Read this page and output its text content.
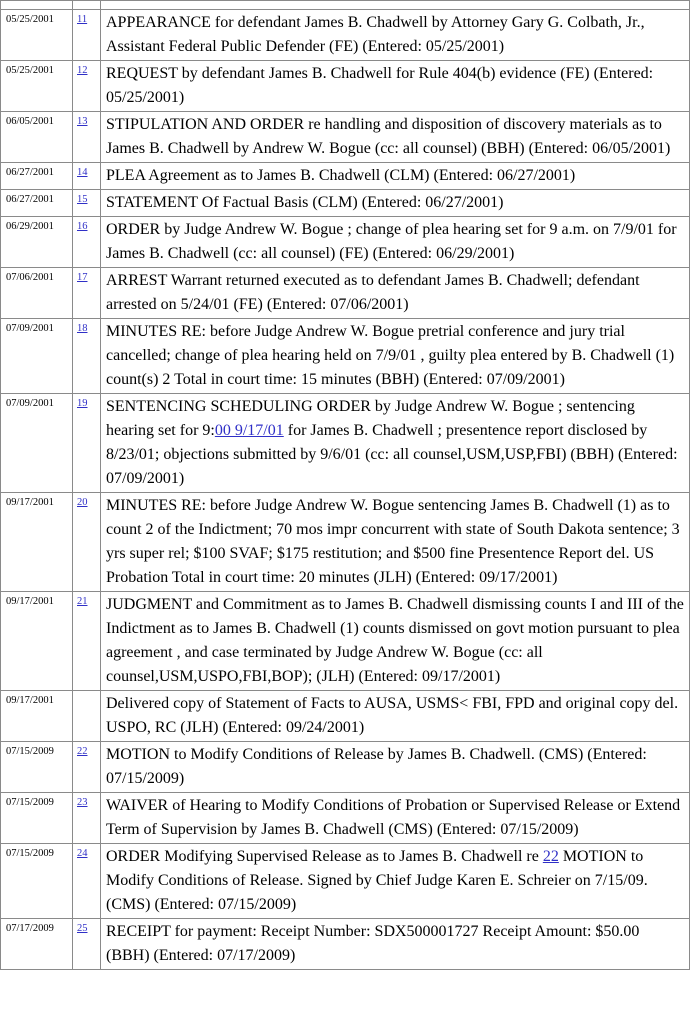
05/25/2001	11	APPEARANCE for defendant James B. Chadwell by Attorney Gary G. Colbath, Jr., Assistant Federal Public Defender (FE) (Entered: 05/25/2001)
05/25/2001	12	REQUEST by defendant James B. Chadwell for Rule 404(b) evidence (FE) (Entered: 05/25/2001)
06/05/2001	13	STIPULATION AND ORDER re handling and disposition of discovery materials as to James B. Chadwell by Andrew W. Bogue (cc: all counsel) (BBH) (Entered: 06/05/2001)
06/27/2001	14	PLEA Agreement as to James B. Chadwell (CLM) (Entered: 06/27/2001)
06/27/2001	15	STATEMENT Of Factual Basis (CLM) (Entered: 06/27/2001)
06/29/2001	16	ORDER by Judge Andrew W. Bogue ; change of plea hearing set for 9 a.m. on 7/9/01 for James B. Chadwell (cc: all counsel) (FE) (Entered: 06/29/2001)
07/06/2001	17	ARREST Warrant returned executed as to defendant James B. Chadwell; defendant arrested on 5/24/01 (FE) (Entered: 07/06/2001)
07/09/2001	18	MINUTES RE: before Judge Andrew W. Bogue pretrial conference and jury trial cancelled; change of plea hearing held on 7/9/01 , guilty plea entered by B. Chadwell (1) count(s) 2 Total in court time: 15 minutes (BBH) (Entered: 07/09/2001)
07/09/2001	19	SENTENCING SCHEDULING ORDER by Judge Andrew W. Bogue ; sentencing hearing set for 9:00 9/17/01 for James B. Chadwell ; presentence report disclosed by 8/23/01; objections submitted by 9/6/01 (cc: all counsel,USM,USP,FBI) (BBH) (Entered: 07/09/2001)
09/17/2001	20	MINUTES RE: before Judge Andrew W. Bogue sentencing James B. Chadwell (1) as to count 2 of the Indictment; 70 mos impr concurrent with state of South Dakota sentence; 3 yrs super rel; $100 SVAF; $175 restitution; and $500 fine Presentence Report del. US Probation Total in court time: 20 minutes (JLH) (Entered: 09/17/2001)
09/17/2001	21	JUDGMENT and Commitment as to James B. Chadwell dismissing counts I and III of the Indictment as to James B. Chadwell (1) counts dismissed on govt motion pursuant to plea agreement , and case terminated by Judge Andrew W. Bogue (cc: all counsel,USM,USPO,FBI,BOP); (JLH) (Entered: 09/17/2001)
09/17/2001		Delivered copy of Statement of Facts to AUSA, USMS< FBI, FPD and original copy del. USPO, RC (JLH) (Entered: 09/24/2001)
07/15/2009	22	MOTION to Modify Conditions of Release by James B. Chadwell. (CMS) (Entered: 07/15/2009)
07/15/2009	23	WAIVER of Hearing to Modify Conditions of Probation or Supervised Release or Extend Term of Supervision by James B. Chadwell (CMS) (Entered: 07/15/2009)
07/15/2009	24	ORDER Modifying Supervised Release as to James B. Chadwell re 22 MOTION to Modify Conditions of Release. Signed by Chief Judge Karen E. Schreier on 7/15/09. (CMS) (Entered: 07/15/2009)
07/17/2009	25	RECEIPT for payment: Receipt Number: SDX500001727 Receipt Amount: $50.00 (BBH) (Entered: 07/17/2009)
